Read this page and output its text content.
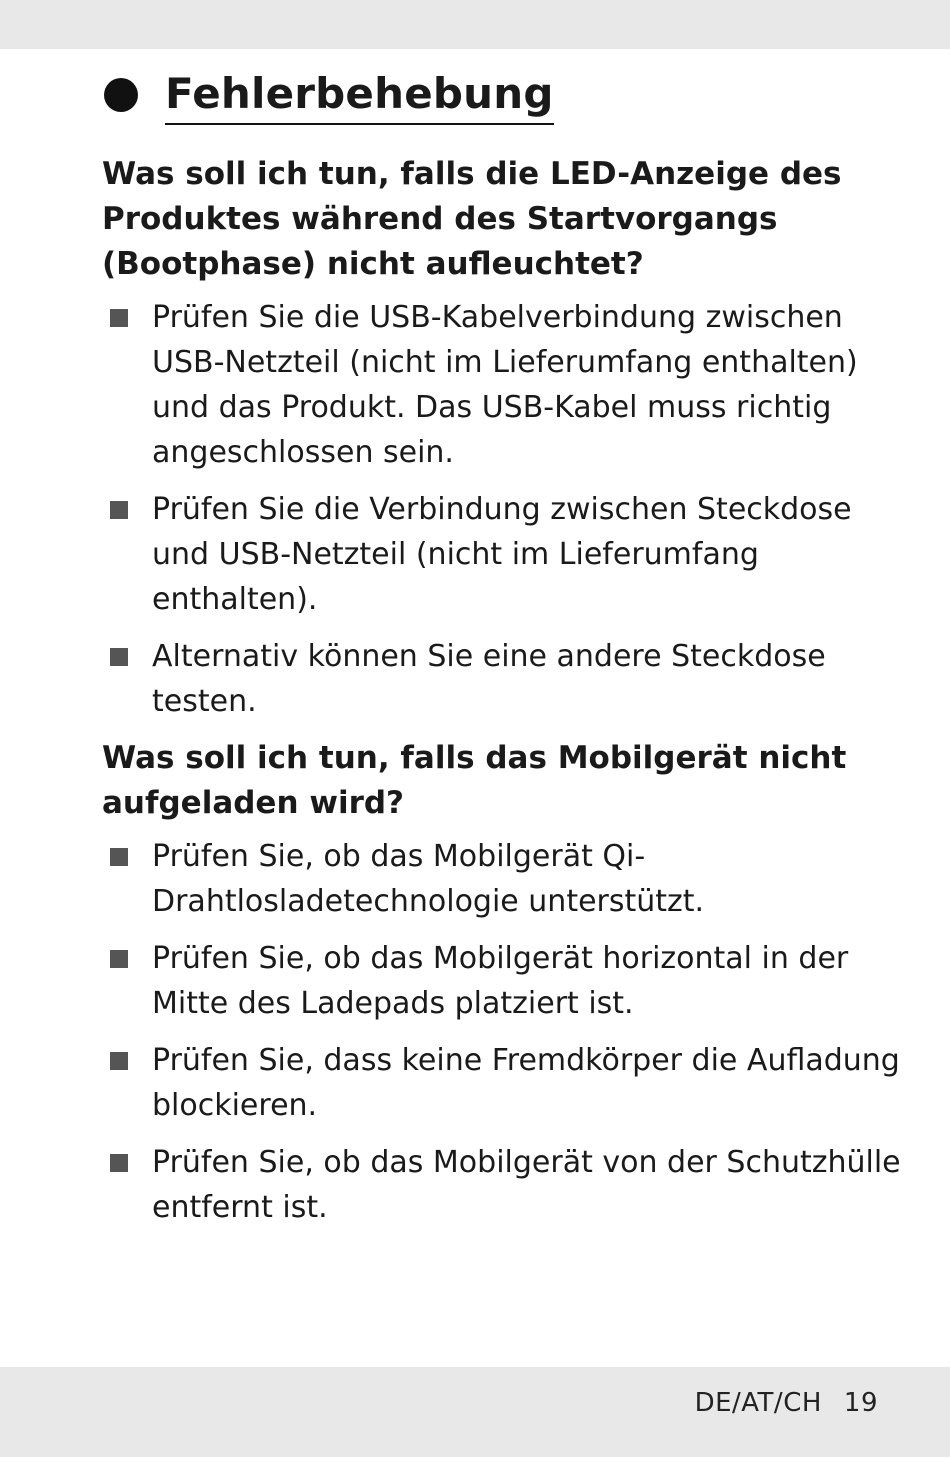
Fehlerbehebung

Was soll ich tun, falls die LED-Anzeige des Produktes während des Startvorgangs (Bootphase) nicht aufleuchtet?

Prüfen Sie die USB-Kabelverbindung zwischen USB-Netzteil (nicht im Lieferumfang enthalten) und das Produkt. Das USB-Kabel muss richtig angeschlossen sein.
Prüfen Sie die Verbindung zwischen Steckdose und USB-Netzteil (nicht im Lieferumfang enthalten).
Alternativ können Sie eine andere Steckdose testen.

Was soll ich tun, falls das Mobilgerät nicht aufgeladen wird?

Prüfen Sie, ob das Mobilgerät Qi-Drahtlosladetechnologie unterstützt.
Prüfen Sie, ob das Mobilgerät horizontal in der Mitte des Ladepads platziert ist.
Prüfen Sie, dass keine Fremdkörper die Aufladung blockieren.
Prüfen Sie, ob das Mobilgerät von der Schutzhülle entfernt ist.
DE/AT/CH 19
